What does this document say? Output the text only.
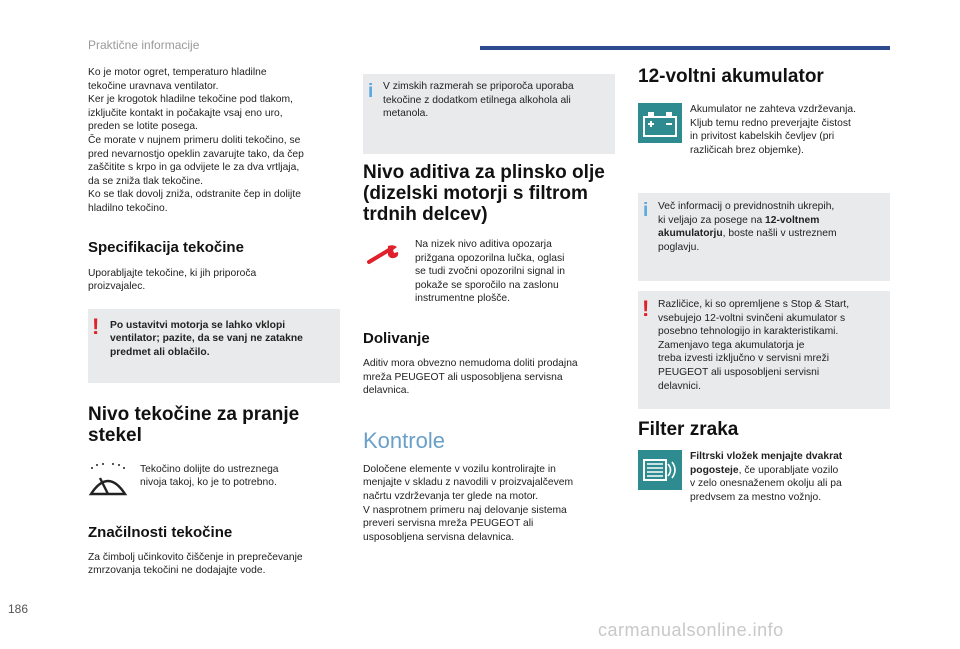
Praktične informacije
Ko je motor ogret, temperaturo hladilne
tekočine uravnava ventilator.
Ker je krogotok hladilne tekočine pod tlakom,
izključite kontakt in počakajte vsaj eno uro,
preden se lotite posega.
Če morate v nujnem primeru doliti tekočino, se
pred nevarnostjo opeklin zavarujte tako, da čep
zaščitite s krpo in ga odvijete le za dva vrtljaja,
da se zniža tlak tekočine.
Ko se tlak dovolj zniža, odstranite čep in dolijte
hladilno tekočino.
Specifikacija tekočine
Uporabljajte tekočine, ki jih priporoča
proizvajalec.
! Po ustavitvi motorja se lahko vklopi
ventilator; pazite, da se vanj ne zatakne
predmet ali oblačilo.
Nivo tekočine za pranje
stekel
Tekočino dolijte do ustreznega
nivoja takoj, ko je to potrebno.
Značilnosti tekočine
Za čimbolj učinkovito čiščenje in preprečevanje
zmrzovanja tekočini ne dodajajte vode.
i V zimskih razmerah se priporoča uporaba
tekočine z dodatkom etilnega alkohola ali
metanola.
Nivo aditiva za plinsko olje
(dizelski motorji s filtrom
trdnih delcev)
Na nizek nivo aditiva opozarja
prižgana opozorilna lučka, oglasi
se tudi zvočni opozorilni signal in
pokaže se sporočilo na zaslonu
instrumentne plošče.
Dolivanje
Aditiv mora obvezno nemudoma doliti prodajna
mreža PEUGEOT ali usposobljena servisna
delavnica.
Kontrole
Določene elemente v vozilu kontrolirajte in
menjajte v skladu z navodili v proizvajalčevem
načrtu vzdrževanja ter glede na motor.
V nasprotnem primeru naj delovanje sistema
preveri servisna mreža PEUGEOT ali
usposobljena servisna delavnica.
12-voltni akumulator
Akumulator ne zahteva vzdrževanja.
Kljub temu redno preverjajte čistost
in privitost kabelskih čevljev (pri
različicah brez objemke).
i Več informacij o previdnostnih ukrepih,
ki veljajo za posege na 12-voltnem
akumulatorju, boste našli v ustreznem
poglavju.
! Različice, ki so opremljene s Stop & Start,
vsebujejo 12-voltni svinčeni akumulator s
posebno tehnologijo in karakteristikami.
Zamenjavo tega akumulatorja je
treba izvesti izključno v servisni mreži
PEUGEOT ali usposobljeni servisni
delavnici.
Filter zraka
Filtrski vložek menjajte dvakrat
pogosteje, če uporabljate vozilo
v zelo onesnaženem okolju ali pa
predvsem za mestno vožnjo.
186
carmanualsonline.info
